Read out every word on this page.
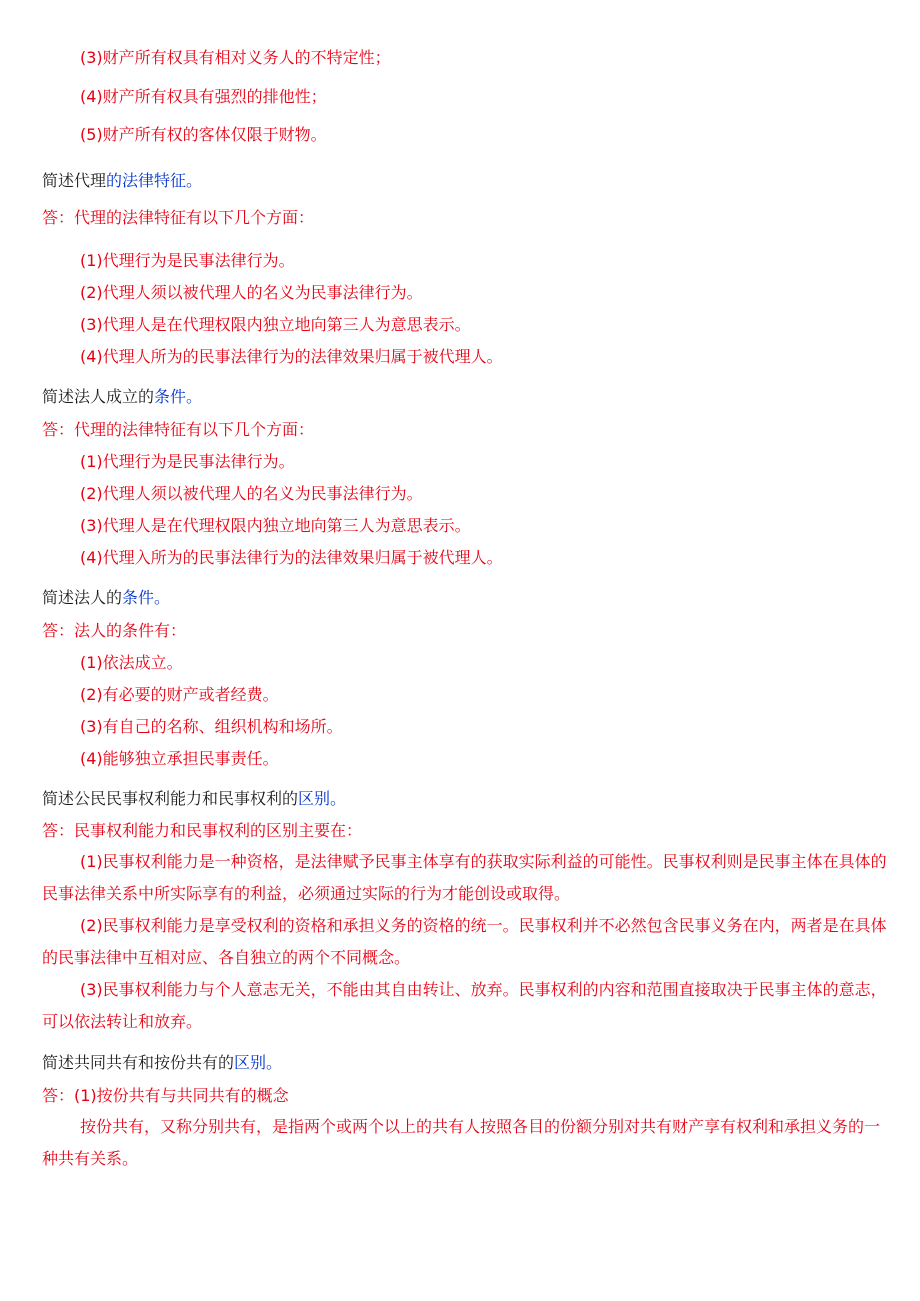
(3)财产所有权具有相对义务人的不特定性；
(4)财产所有权具有强烈的排他性；
(5)财产所有权的客体仅限于财物。
简述代理的法律特征。
答：代理的法律特征有以下几个方面：
(1)代理行为是民事法律行为。
(2)代理人须以被代理人的名义为民事法律行为。
(3)代理人是在代理权限内独立地向第三人为意思表示。
(4)代理人所为的民事法律行为的法律效果归属于被代理人。
简述法人成立的条件。
答：代理的法律特征有以下几个方面：
(1)代理行为是民事法律行为。
(2)代理人须以被代理人的名义为民事法律行为。
(3)代理人是在代理权限内独立地向第三人为意思表示。
(4)代理入所为的民事法律行为的法律效果归属于被代理人。
简述法人的条件。
答：法人的条件有：
(1)依法成立。
(2)有必要的财产或者经费。
(3)有自己的名称、组织机构和场所。
(4)能够独立承担民事责任。
简述公民民事权利能力和民事权利的区别。
答：民事权利能力和民事权利的区别主要在：
(1)民事权利能力是一种资格，是法律赋予民事主体享有的获取实际利益的可能性。民事权利则是民事主体在具体的民事法律关系中所实际享有的利益，必须通过实际的行为才能创设或取得。
(2)民事权利能力是享受权利的资格和承担义务的资格的统一。民事权利并不必然包含民事义务在内，两者是在具体的民事法律中互相对应、各自独立的两个不同概念。
(3)民事权利能力与个人意志无关，不能由其自由转让、放弃。民事权利的内容和范围直接取决于民事主体的意志，可以依法转让和放弃。
简述共同共有和按份共有的区别。
答：(1)按份共有与共同共有的概念
按份共有，又称分别共有，是指两个或两个以上的共有人按照各目的份额分别对共有财产享有权利和承担义务的一种共有关系。
